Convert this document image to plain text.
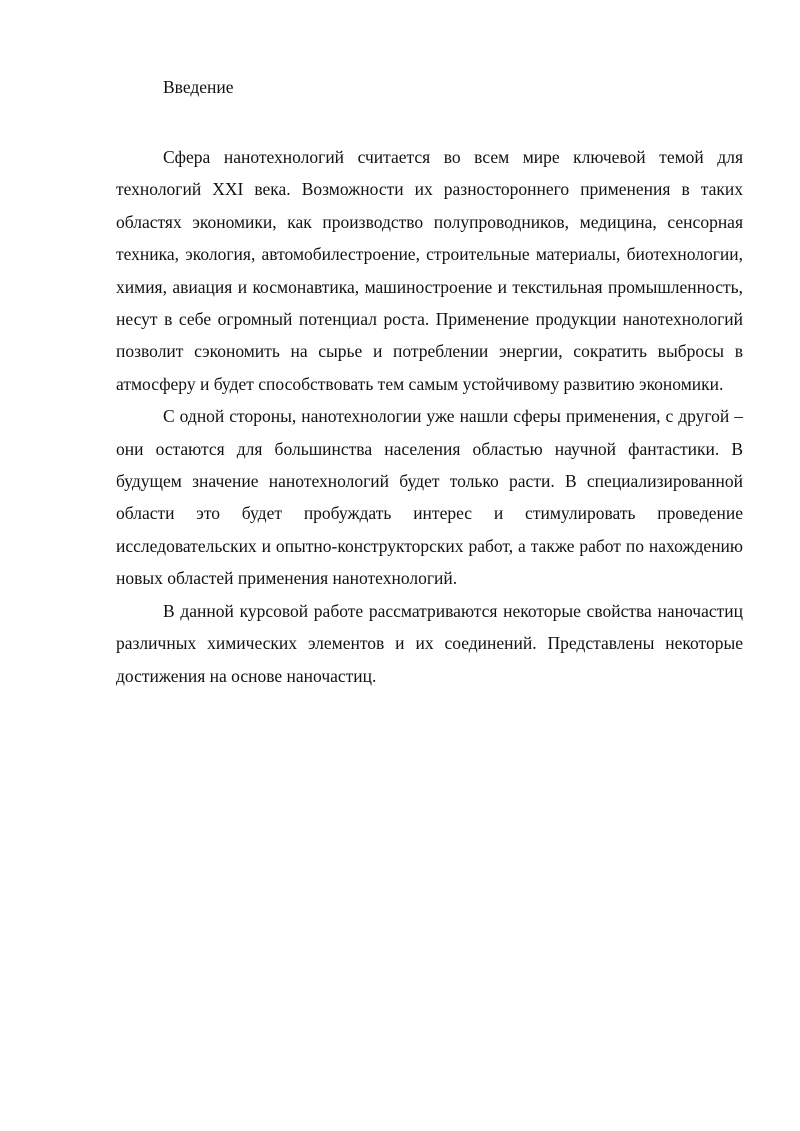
Введение

Сфера нанотехнологий считается во всем мире ключевой темой для технологий XXI века. Возможности их разностороннего применения в таких областях экономики, как производство полупроводников, медицина, сенсорная техника, экология, автомобилестроение, строительные материалы, биотехнологии, химия, авиация и космонавтика, машиностроение и текстильная промышленность, несут в себе огромный потенциал роста. Применение продукции нанотехнологий позволит сэкономить на сырье и потреблении энергии, сократить выбросы в атмосферу и будет способствовать тем самым устойчивому развитию экономики.

С одной стороны, нанотехнологии уже нашли сферы применения, с другой – они остаются для большинства населения областью научной фантастики. В будущем значение нанотехнологий будет только расти. В специализированной области это будет пробуждать интерес и стимулировать проведение исследовательских и опытно-конструкторских работ, а также работ по нахождению новых областей применения нанотехнологий.

В данной курсовой работе рассматриваются некоторые свойства наночастиц различных химических элементов и их соединений. Представлены некоторые достижения на основе наночастиц.
